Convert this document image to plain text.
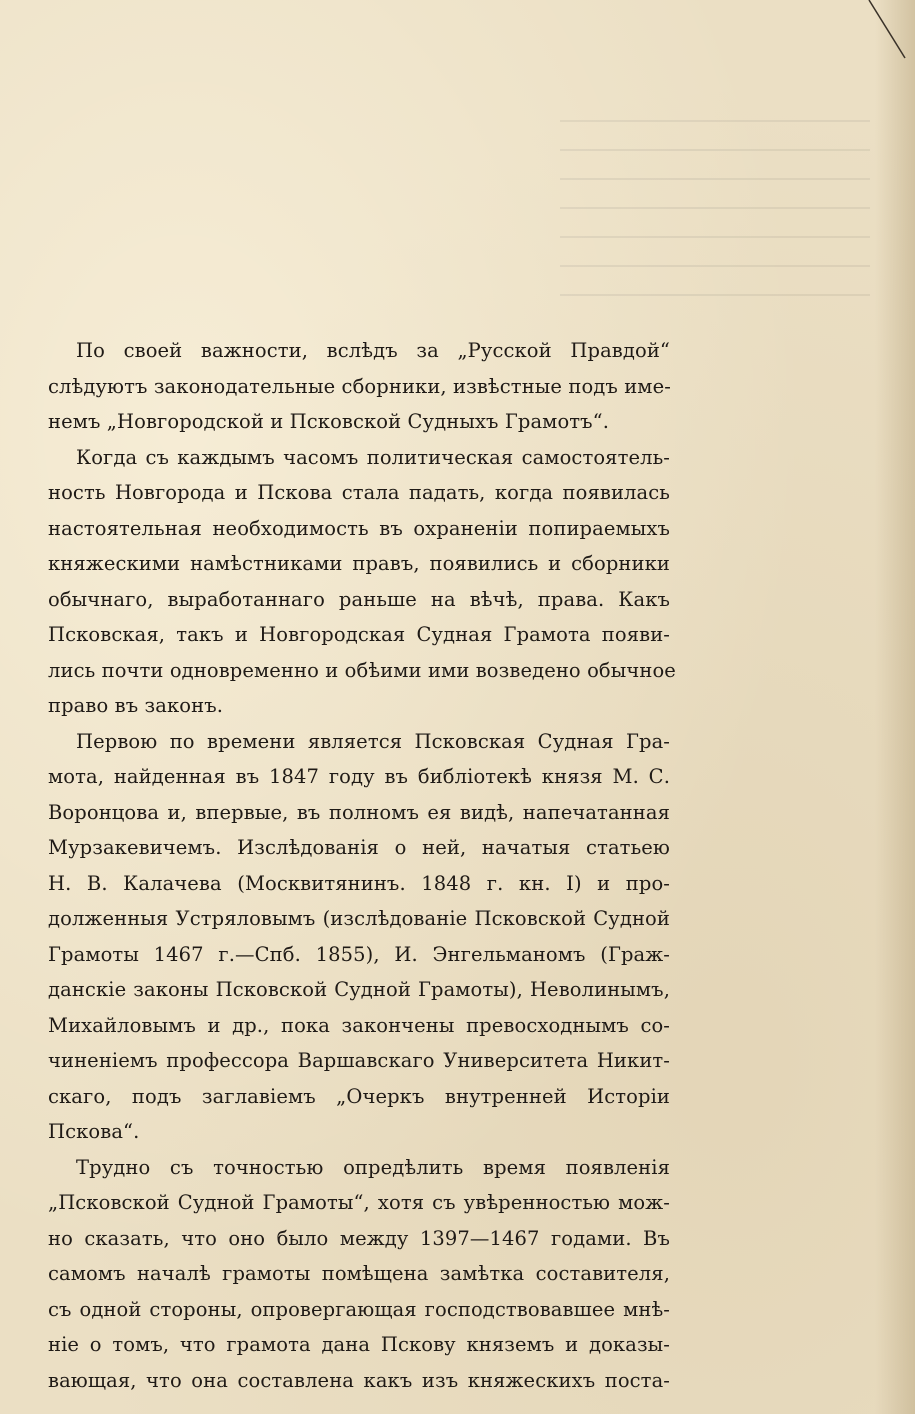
По своей важности, вслѣдъ за „Русской Правдой“
слѣдуютъ законодательные сборники, извѣстные подъ име-
немъ „Новгородской и Псковской Судныхъ Грамотъ“.
Когда съ каждымъ часомъ политическая самостоятель-
ность Новгорода и Пскова стала падать, когда появилась
настоятельная необходимость въ охраненіи попираемыхъ
княжескими намѣстниками правъ, появились и сборники
обычнаго, выработаннаго раньше на вѣчѣ, права. Какъ
Псковская, такъ и Новгородская Судная Грамота появи-
лись почти одновременно и обѣими ими возведено обычное
право въ законъ.
Первою по времени является Псковская Судная Гра-
мота, найденная въ 1847 году въ библіотекѣ князя М. С.
Воронцова и, впервые, въ полномъ ея видѣ, напечатанная
Мурзакевичемъ. Изслѣдованія о ней, начатыя статьею
Н. В. Калачева (Москвитянинъ. 1848 г. кн. I) и про-
долженныя Устряловымъ (изслѣдованіе Псковской Судной
Грамоты 1467 г.—Спб. 1855), И. Энгельманомъ (Граж-
данскіе законы Псковской Судной Грамоты), Неволинымъ,
Михайловымъ и др., пока закончены превосходнымъ со-
чиненіемъ профессора Варшавскаго Университета Никит-
скаго, подъ заглавіемъ „Очеркъ внутренней Исторіи
Пскова“.
Трудно съ точностью опредѣлить время появленія
„Псковской Судной Грамоты“, хотя съ увѣренностью мож-
но сказать, что оно было между 1397—1467 годами. Въ
самомъ началѣ грамоты помѣщена замѣтка составителя,
съ одной стороны, опровергающая господствовавшее мнѣ-
ніе о томъ, что грамота дана Пскову княземъ и доказы-
вающая, что она составлена какъ изъ княжескихъ поста-
